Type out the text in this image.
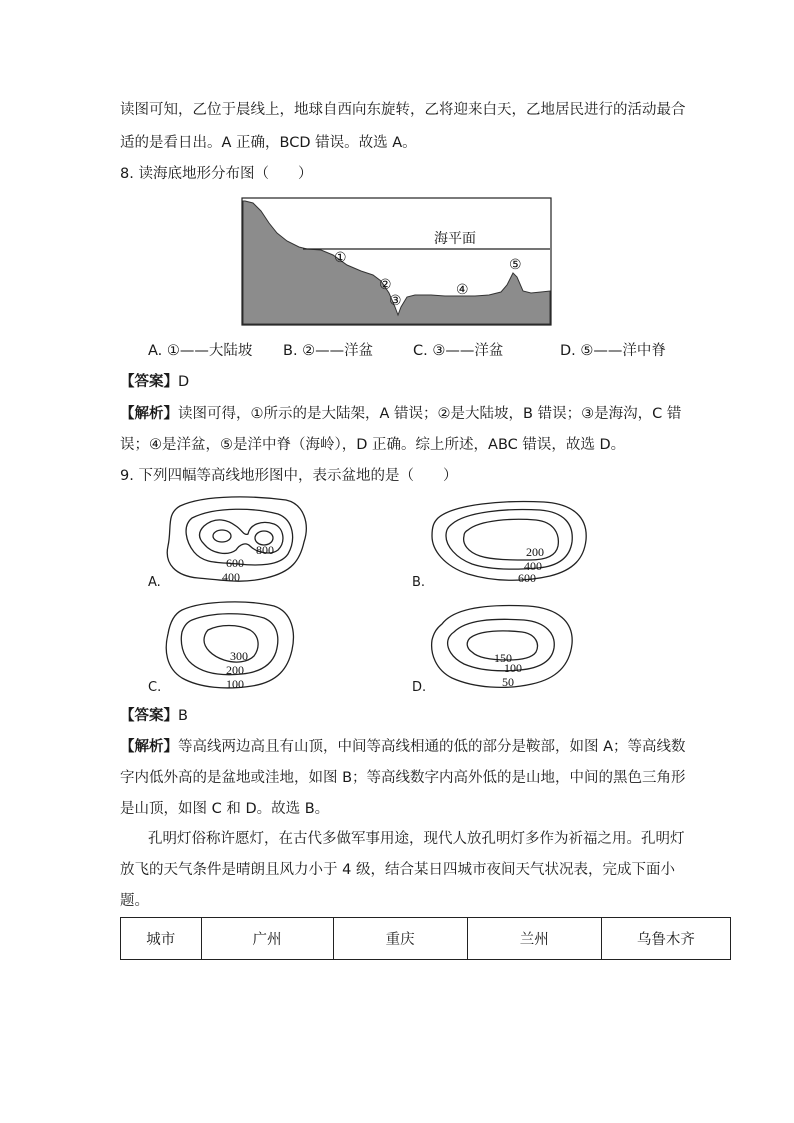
读图可知，乙位于晨线上，地球自西向东旋转，乙将迎来白天，乙地居民进行的活动最合
适的是看日出。A 正确，BCD 错误。故选 A。
8. 读海底地形分布图（　　）
海平面
①
②
③
④
⑤
A. ①——大陆坡 B. ②——洋盆	C. ③——洋盆	D. ⑤——洋中脊
【答案】D
【解析】读图可得，①所示的是大陆架，A 错误；②是大陆坡，B 错误；③是海沟，C 错
误；④是洋盆，⑤是洋中脊（海岭），D 正确。综上所述，ABC 错误，故选 D。
9. 下列四幅等高线地形图中，表示盆地的是（　　）
800
600
400
A.
200
400
600
B.
300
200
100
C.
150
100
50
D.
【答案】B
【解析】等高线两边高且有山顶，中间等高线相通的低的部分是鞍部，如图 A；等高线数
字内低外高的是盆地或洼地，如图 B；等高线数字内高外低的是山地，中间的黑色三角形
是山顶，如图 C 和 D。故选 B。
孔明灯俗称许愿灯，在古代多做军事用途，现代人放孔明灯多作为祈福之用。孔明灯
放飞的天气条件是晴朗且风力小于 4 级，结合某日四城市夜间天气状况表，完成下面小
题。
城市	广州	重庆	兰州	乌鲁木齐
